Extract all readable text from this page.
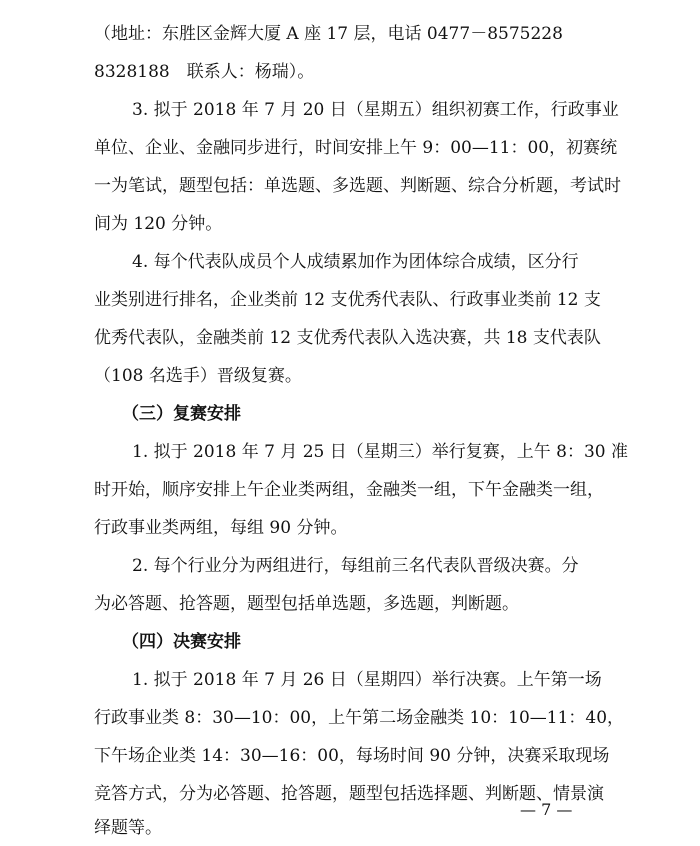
（地址：东胜区金辉大厦 A 座 17 层，电话 0477－8575228
8328188　联系人：杨瑞）。
3. 拟于 2018 年 7 月 20 日（星期五）组织初赛工作，行政事业
单位、企业、金融同步进行，时间安排上午 9：00—11：00，初赛统
一为笔试，题型包括：单选题、多选题、判断题、综合分析题，考试时
间为 120 分钟。
4. 每个代表队成员个人成绩累加作为团体综合成绩，区分行
业类别进行排名，企业类前 12 支优秀代表队、行政事业类前 12 支
优秀代表队，金融类前 12 支优秀代表队入选决赛，共 18 支代表队
（108 名选手）晋级复赛。
（三）复赛安排
1. 拟于 2018 年 7 月 25 日（星期三）举行复赛，上午 8：30 准
时开始，顺序安排上午企业类两组，金融类一组，下午金融类一组，
行政事业类两组，每组 90 分钟。
2. 每个行业分为两组进行，每组前三名代表队晋级决赛。分
为必答题、抢答题，题型包括单选题，多选题，判断题。
（四）决赛安排
1. 拟于 2018 年 7 月 26 日（星期四）举行决赛。上午第一场
行政事业类 8：30—10：00，上午第二场金融类 10：10—11：40，
下午场企业类 14：30—16：00，每场时间 90 分钟，决赛采取现场
竞答方式，分为必答题、抢答题，题型包括选择题、判断题、情景演
绎题等。
— 7 —
